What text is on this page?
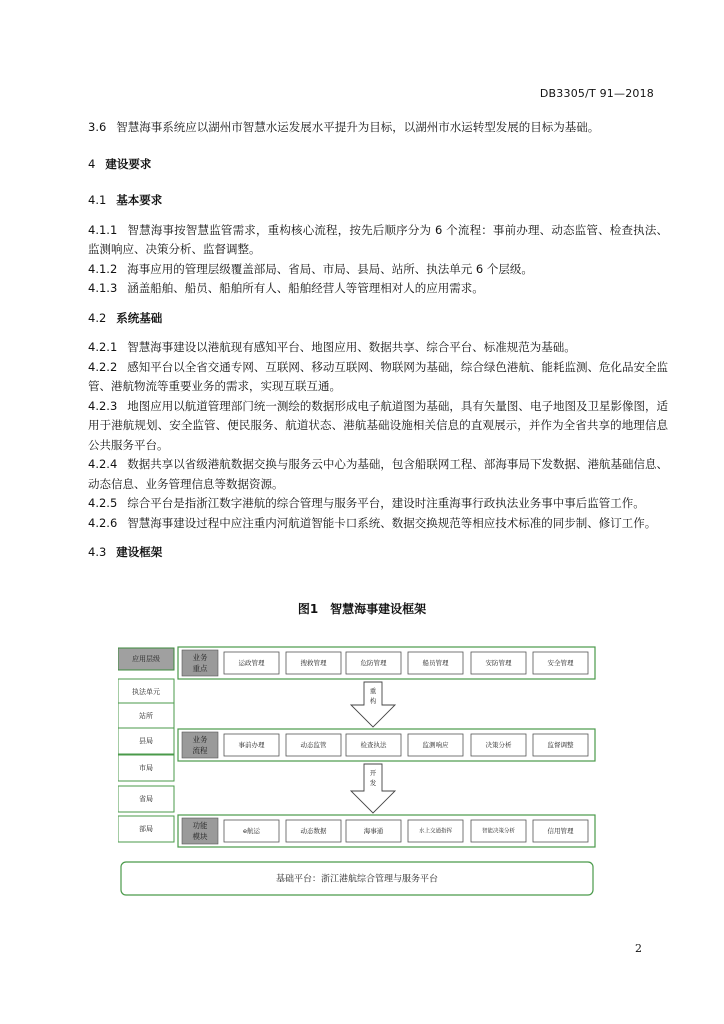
DB3305/T 91—2018

3.6 智慧海事系统应以湖州市智慧水运发展水平提升为目标，以湖州市水运转型发展的目标为基础。

4 建设要求

4.1 基本要求

4.1.1 智慧海事按智慧监管需求，重构核心流程，按先后顺序分为 6 个流程：事前办理、动态监管、检查执法、监测响应、决策分析、监督调整。

4.1.2 海事应用的管理层级覆盖部局、省局、市局、县局、站所、执法单元 6 个层级。

4.1.3 涵盖船舶、船员、船舶所有人、船舶经营人等管理相对人的应用需求。

4.2 系统基础

4.2.1 智慧海事建设以港航现有感知平台、地图应用、数据共享、综合平台、标准规范为基础。

4.2.2 感知平台以全省交通专网、互联网、移动互联网、物联网为基础，综合绿色港航、能耗监测、危化品安全监管、港航物流等重要业务的需求，实现互联互通。

4.2.3 地图应用以航道管理部门统一测绘的数据形成电子航道图为基础，具有矢量图、电子地图及卫星影像图，适用于港航规划、安全监管、便民服务、航道状态、港航基础设施相关信息的直观展示，并作为全省共享的地理信息公共服务平台。

4.2.4 数据共享以省级港航数据交换与服务云中心为基础，包含船联网工程、部海事局下发数据、港航基础信息、动态信息、业务管理信息等数据资源。

4.2.5 综合平台是指浙江数字港航的综合管理与服务平台，建设时注重海事行政执法业务事中事后监管工作。

4.2.6 智慧海事建设过程中应注重内河航道智能卡口系统、数据交换规范等相应技术标准的同步制、修订工作。

4.3 建设框架

图1　智慧海事建设框架
应用层级
执法单元
站所
县局
市局
省局
部局
业务
重点
运政管理	搜救管理	危防管理	船员管理	安防管理	安全管理
业务
流程
事前办理	动态监管	检查执法	监测响应	决策分析	监督调整
功能
模块
e航运	动态数据	海事通	水上交通指挥	智能决策分析	信用管理
重
构
开
发
基础平台：浙江港航综合管理与服务平台
2
